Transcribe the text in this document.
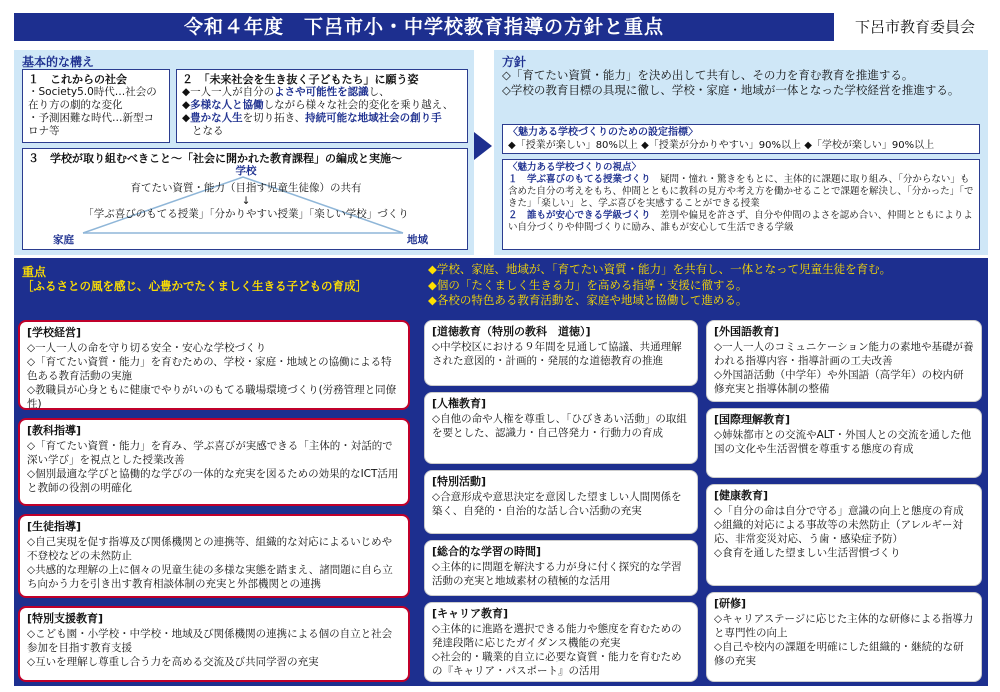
令和４年度　下呂市小・中学校教育指導の方針と重点	下呂市教育委員会
基本的な構え
１　これからの社会
・Society5.0時代…社会の在り方の劇的な変化
・予測困難な時代…新型コロナ等
２　「未来社会を生き抜く子どもたち」に願う姿
◆一人一人が自分のよさや可能性を認識し、
◆多様な人と協働しながら様々な社会的変化を乗り越え、
◆豊かな人生を切り拓き、持続可能な地域社会の創り手
となる
３　学校が取り組むべきこと～「社会に開かれた教育課程」の編成と実施～
学校
育てたい資質・能力（目指す児童生徒像）の共有
↓
「学ぶ喜びのもてる授業」「分かりやすい授業」「楽しい学校」づくり
家庭	地域
方針
◇「育てたい資質・能力」を決め出して共有し、その力を育む教育を推進する。
◇学校の教育目標の具現に徹し、学校・家庭・地域が一体となった学校経営を推進する。
〈魅力ある学校づくりのための設定指標〉
◆「授業が楽しい」80%以上 ◆「授業が分かりやすい」90%以上 ◆「学校が楽しい」90%以上
〈魅力ある学校づくりの視点〉
１　学ぶ喜びのもてる授業づくり　 疑問・憧れ・驚きをもとに、主体的に課題に取り組み、「分からない」も含めた自分の考えをもち、仲間とともに教科の見方や考え方を働かせることで課題を解決し、「分かった」「できた」「楽しい」と、学ぶ喜びを実感することができる授業
２　誰もが安心できる学級づくり　 差別や偏見を許さず、自分や仲間のよさを認め合い、仲間とともによりよい自分づくりや仲間づくりに励み、誰もが安心して生活できる学級
重点
［ふるさとの風を感じ、心豊かでたくましく生きる子どもの育成］
◆学校、家庭、地域が、「育てたい資質・能力」を共有し、一体となって児童生徒を育む。
◆個の「たくましく生きる力」を高める指導・支援に徹する。
◆各校の特色ある教育活動を、家庭や地域と協働して進める。
[学校経営]

◇一人一人の命を守り切る安全・安心な学校づくり

◇「育てたい資質・能力」を育むための、学校・家庭・地域との協働による特色ある教育活動の実施

◇教職員が心身ともに健康でやりがいのもてる職場環境づくり(労務管理と同僚性)

[教科指導]

◇「育てたい資質・能力」を育み、学ぶ喜びが実感できる「主体的・対話的で深い学び」を視点とした授業改善

◇個別最適な学びと協働的な学びの一体的な充実を図るための効果的なICT活用と教師の役割の明確化

[生徒指導]

◇自己実現を促す指導及び関係機関との連携等、組織的な対応によるいじめや不登校などの未然防止

◇共感的な理解の上に個々の児童生徒の多様な実態を踏まえ、諸問題に自ら立ち向かう力を引き出す教育相談体制の充実と外部機関との連携

[特別支援教育]

◇こども園・小学校・中学校・地域及び関係機関の連携による個の自立と社会参加を目指す教育支援

◇互いを理解し尊重し合う力を高める交流及び共同学習の充実

[道徳教育（特別の教科　道徳）]

◇中学校区における９年間を見通して協議、共通理解された意図的・計画的・発展的な道徳教育の推進

[人権教育]

◇自他の命や人権を尊重し、「ひびきあい活動」の取組を要とした、認識力・自己啓発力・行動力の育成

[特別活動]

◇合意形成や意思決定を意図した望ましい人間関係を築く、自発的・自治的な話し合い活動の充実

[総合的な学習の時間]

◇主体的に問題を解決する力が身に付く探究的な学習活動の充実と地域素材の積極的な活用

[キャリア教育]

◇主体的に進路を選択できる能力や態度を育むための発達段階に応じたガイダンス機能の充実

◇社会的・職業的自立に必要な資質・能力を育むための『キャリア・パスポート』の活用

[外国語教育]

◇一人一人のコミュニケーション能力の素地や基礎が養われる指導内容・指導計画の工夫改善

◇外国語活動（中学年）や外国語（高学年）の校内研修充実と指導体制の整備

[国際理解教育]

◇姉妹都市との交流やALT・外国人との交流を通した他国の文化や生活習慣を尊重する態度の育成

[健康教育]

◇「自分の命は自分で守る」意識の向上と態度の育成

◇組織的対応による事故等の未然防止（アレルギー対応、非常変災対応、う歯・感染症予防）

◇食育を通した望ましい生活習慣づくり

[研修]

◇キャリアステージに応じた主体的な研修による指導力と専門性の向上

◇自己や校内の課題を明確にした組織的・継続的な研修の充実
